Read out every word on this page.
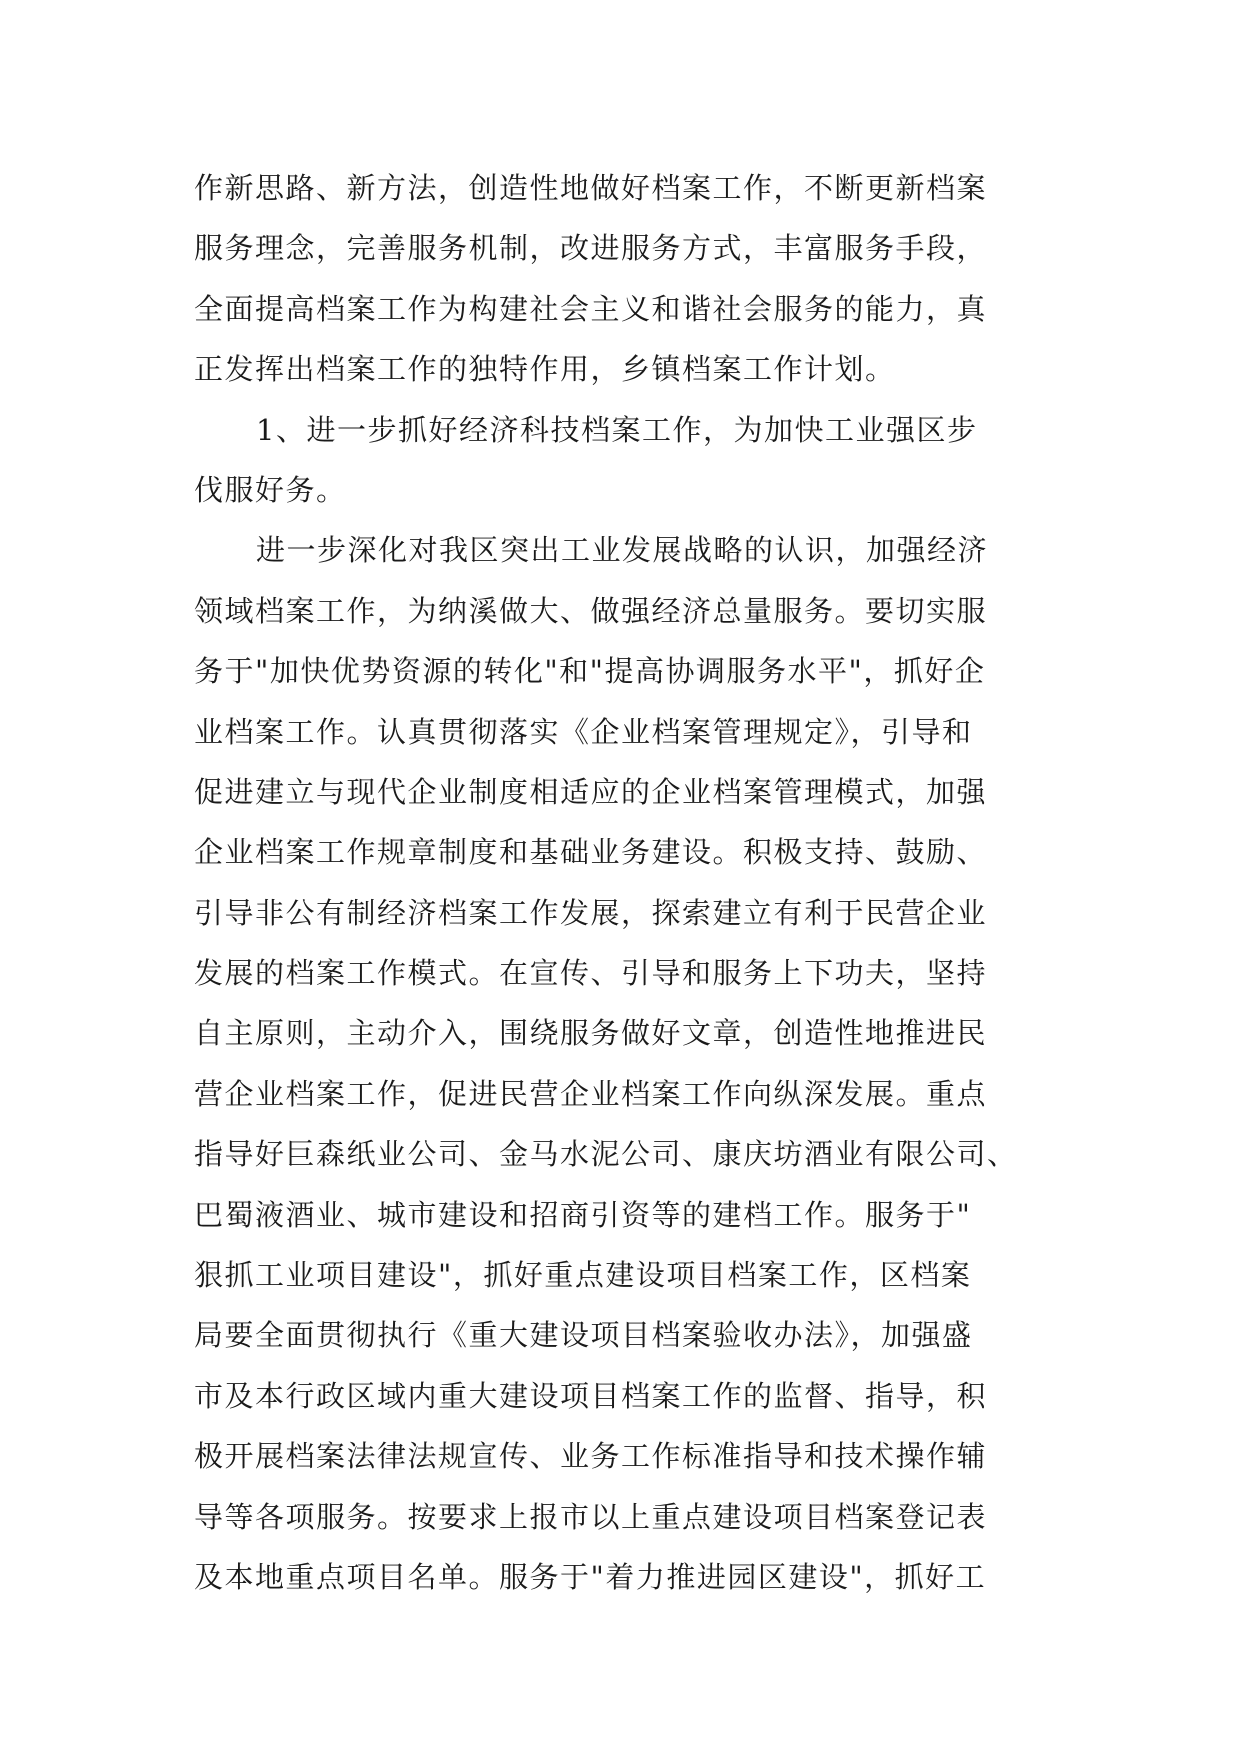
作新思路、新方法，创造性地做好档案工作，不断更新档案
服务理念，完善服务机制，改进服务方式，丰富服务手段，
全面提高档案工作为构建社会主义和谐社会服务的能力，真
正发挥出档案工作的独特作用，乡镇档案工作计划。
1、进一步抓好经济科技档案工作，为加快工业强区步
伐服好务。
进一步深化对我区突出工业发展战略的认识，加强经济
领域档案工作，为纳溪做大、做强经济总量服务。要切实服
务于"加快优势资源的转化"和"提高协调服务水平"，抓好企
业档案工作。认真贯彻落实《企业档案管理规定》，引导和
促进建立与现代企业制度相适应的企业档案管理模式，加强
企业档案工作规章制度和基础业务建设。积极支持、鼓励、
引导非公有制经济档案工作发展，探索建立有利于民营企业
发展的档案工作模式。在宣传、引导和服务上下功夫，坚持
自主原则，主动介入，围绕服务做好文章，创造性地推进民
营企业档案工作，促进民营企业档案工作向纵深发展。重点
指导好巨森纸业公司、金马水泥公司、康庆坊酒业有限公司、
巴蜀液酒业、城市建设和招商引资等的建档工作。服务于"
狠抓工业项目建设"，抓好重点建设项目档案工作，区档案
局要全面贯彻执行《重大建设项目档案验收办法》，加强盛
市及本行政区域内重大建设项目档案工作的监督、指导，积
极开展档案法律法规宣传、业务工作标准指导和技术操作辅
导等各项服务。按要求上报市以上重点建设项目档案登记表
及本地重点项目名单。服务于"着力推进园区建设"，抓好工
